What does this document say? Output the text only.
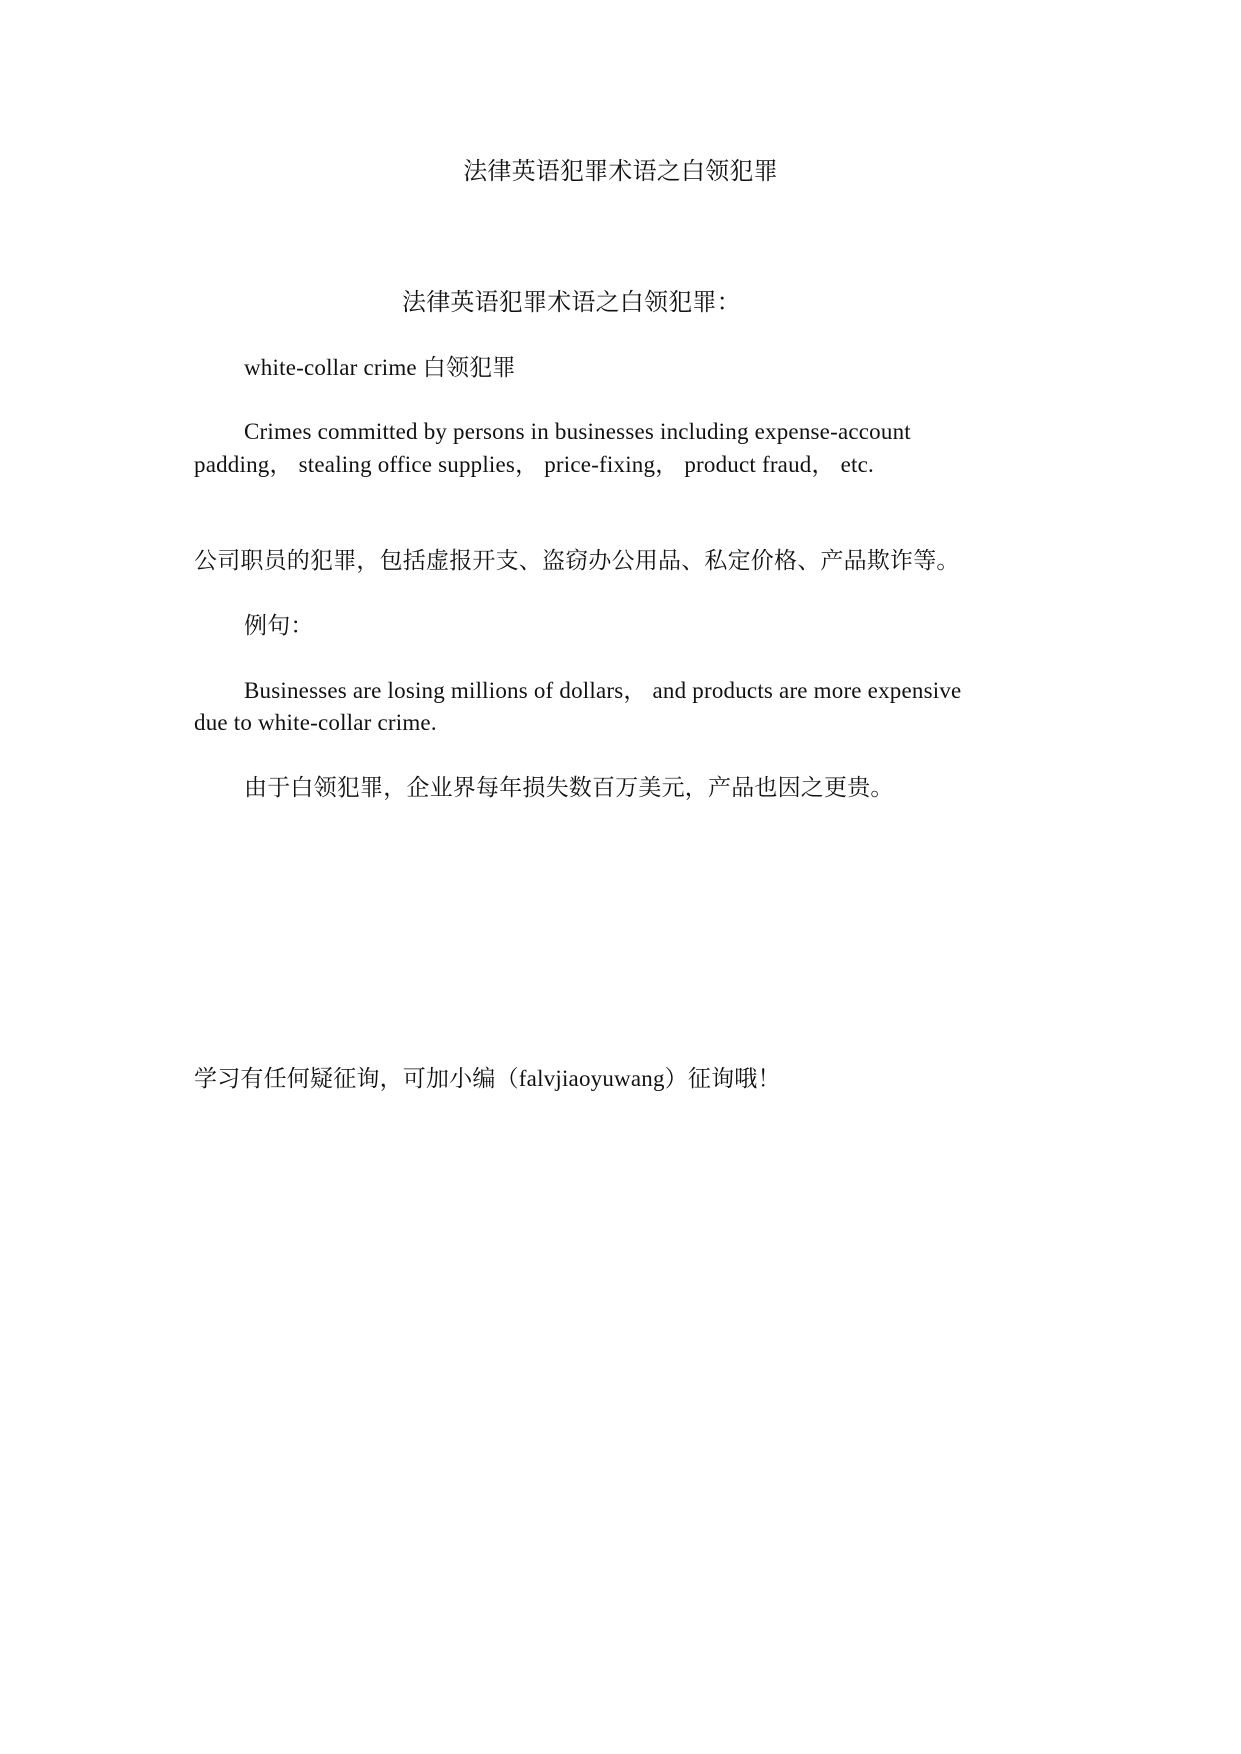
法律英语犯罪术语之白领犯罪
法律英语犯罪术语之白领犯罪：
white-collar crime 白领犯罪
Crimes committed by persons in businesses including expense-account
padding， stealing office supplies， price-fixing， product fraud， etc.
公司职员的犯罪，包括虚报开支、盗窃办公用品、私定价格、产品欺诈等。
例句：
Businesses are losing millions of dollars， and products are more expensive
due to white-collar crime.
由于白领犯罪，企业界每年损失数百万美元，产品也因之更贵。
学习有任何疑征询，可加小编（falvjiaoyuwang）征询哦！
